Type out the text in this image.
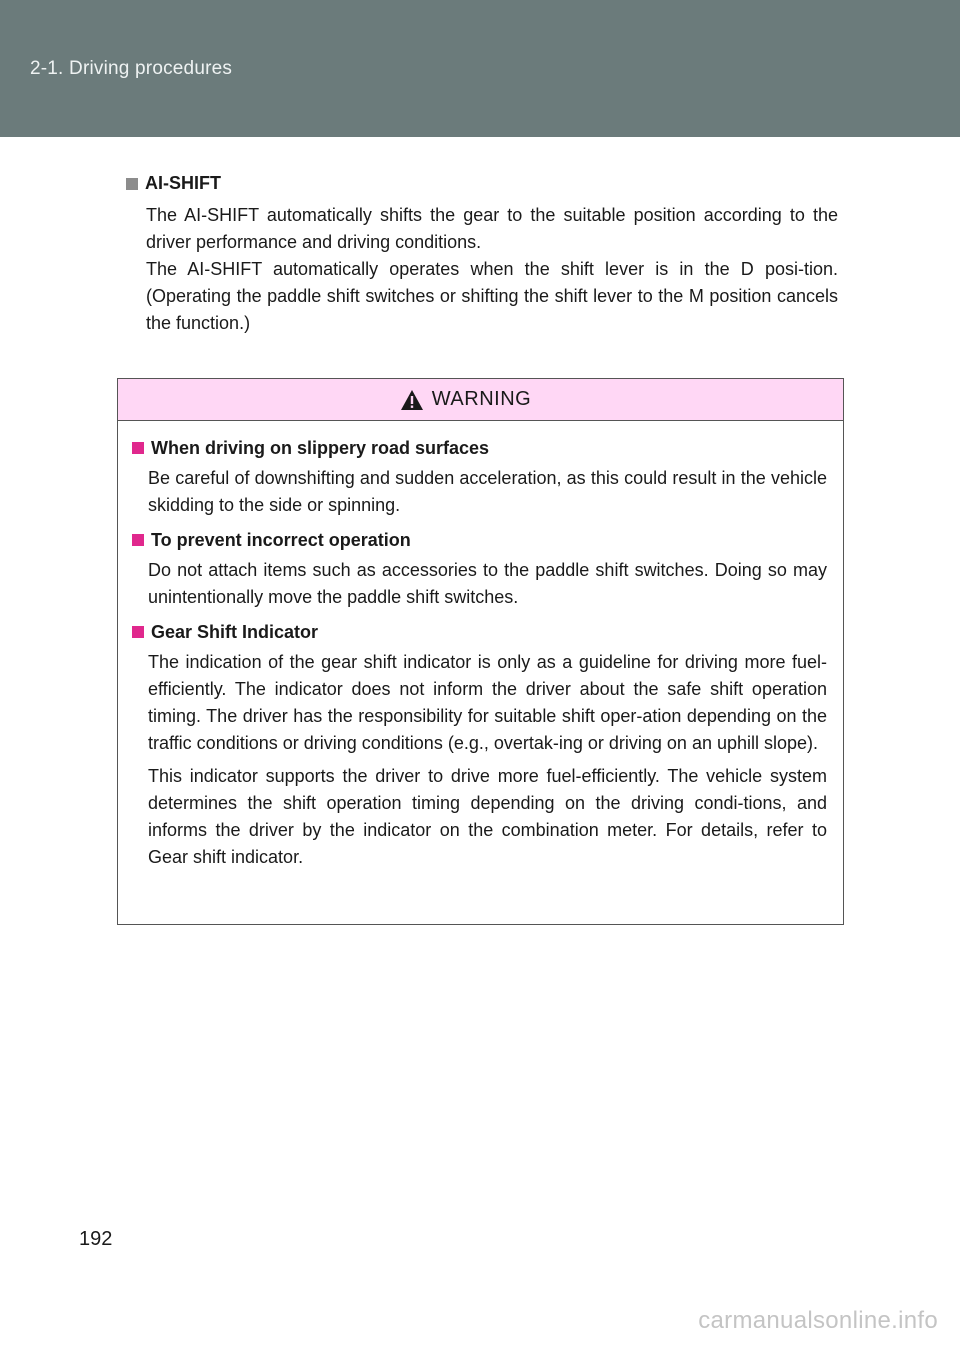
2-1. Driving procedures
AI-SHIFT

The AI-SHIFT automatically shifts the gear to the suitable position according to the driver performance and driving conditions.

The AI-SHIFT automatically operates when the shift lever is in the D posi-tion. (Operating the paddle shift switches or shifting the shift lever to the M position cancels the function.)

WARNING
When driving on slippery road surfaces

Be careful of downshifting and sudden acceleration, as this could result in the vehicle skidding to the side or spinning.

To prevent incorrect operation

Do not attach items such as accessories to the paddle shift switches. Doing so may unintentionally move the paddle shift switches.

Gear Shift Indicator

The indication of the gear shift indicator is only as a guideline for driving more fuel-efficiently. The indicator does not inform the driver about the safe shift operation timing. The driver has the responsibility for suitable shift oper-ation depending on the traffic conditions or driving conditions (e.g., overtak-ing or driving on an uphill slope).

This indicator supports the driver to drive more fuel-efficiently. The vehicle system determines the shift operation timing depending on the driving condi-tions, and informs the driver by the indicator on the combination meter. For details, refer to Gear shift indicator.

192
carmanualsonline.info
